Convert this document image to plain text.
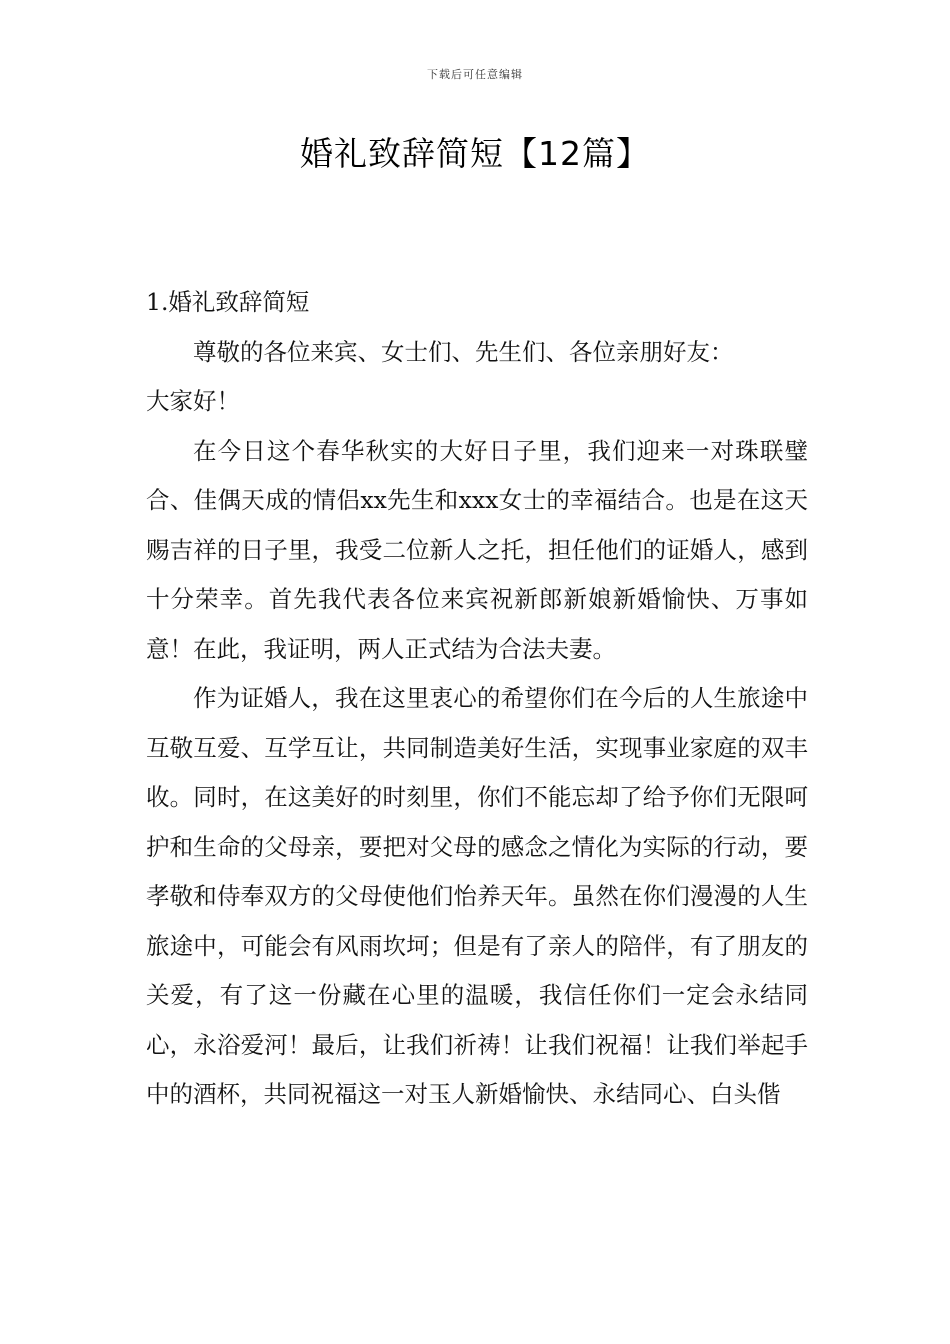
下载后可任意编辑
婚礼致辞简短【12篇】

1.婚礼致辞简短

尊敬的各位来宾、女士们、先生们、各位亲朋好友：

大家好！

在今日这个春华秋实的大好日子里，我们迎来一对珠联璧合、佳偶天成的情侣xx先生和xxx女士的幸福结合。也是在这天赐吉祥的日子里，我受二位新人之托，担任他们的证婚人，感到十分荣幸。首先我代表各位来宾祝新郎新娘新婚愉快、万事如意！在此，我证明，两人正式结为合法夫妻。

作为证婚人，我在这里衷心的希望你们在今后的人生旅途中互敬互爱、互学互让，共同制造美好生活，实现事业家庭的双丰收。同时，在这美好的时刻里，你们不能忘却了给予你们无限呵护和生命的父母亲，要把对父母的感念之情化为实际的行动，要孝敬和侍奉双方的父母使他们怡养天年。虽然在你们漫漫的人生旅途中，可能会有风雨坎坷；但是有了亲人的陪伴，有了朋友的关爱，有了这一份藏在心里的温暖，我信任你们一定会永结同心，永浴爱河！最后，让我们祈祷！让我们祝福！让我们举起手中的酒杯，共同祝福这一对玉人新婚愉快、永结同心、白头偕
